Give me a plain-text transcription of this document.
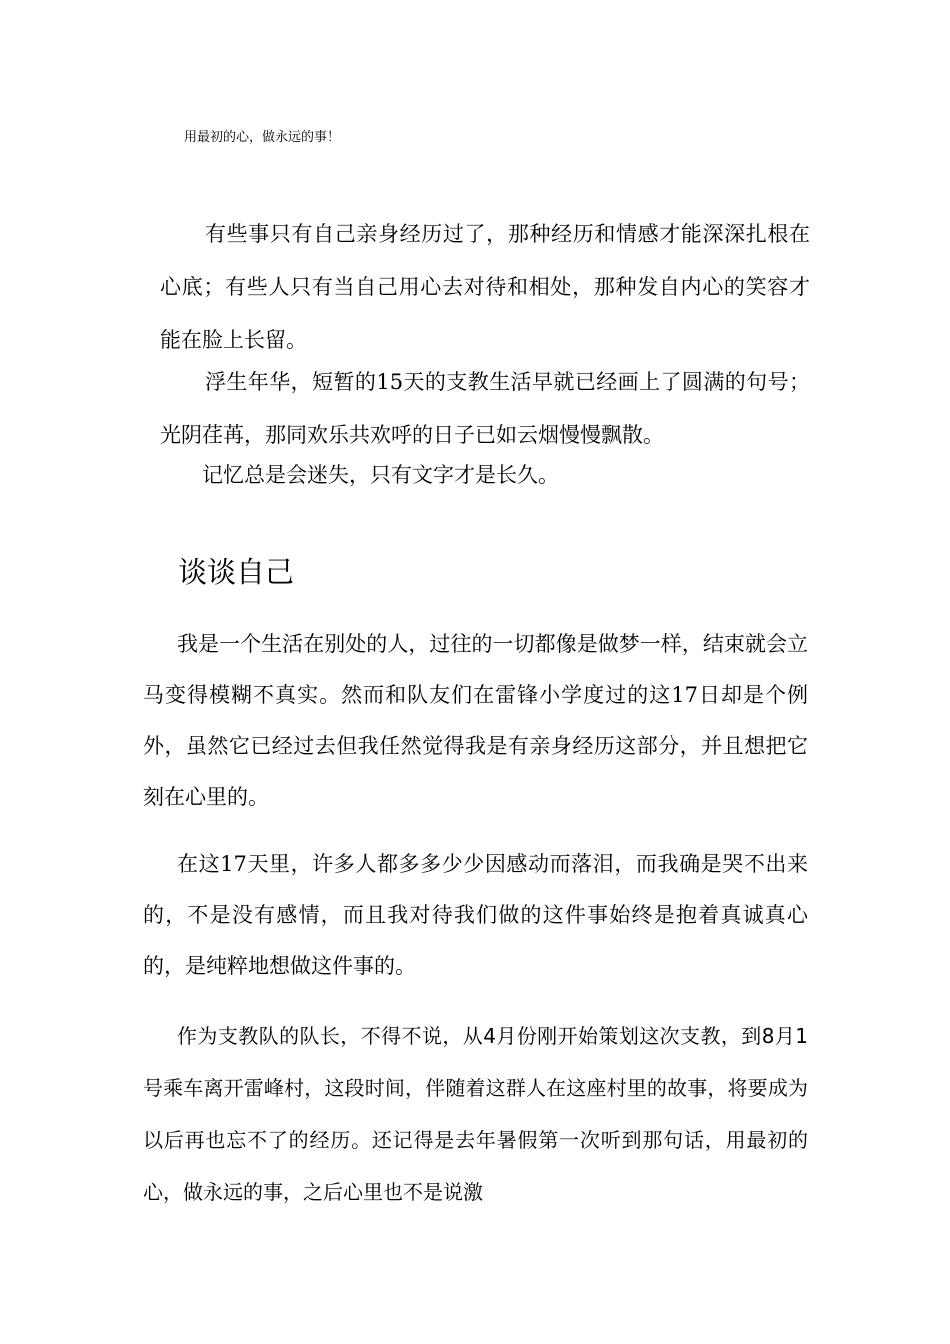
用最初的心，做永远的事！

有些事只有自己亲身经历过了，那种经历和情感才能深深扎根在心底；有些人只有当自己用心去对待和相处，那种发自内心的笑容才能在脸上长留。

浮生年华，短暂的15天的支教生活早就已经画上了圆满的句号；光阴荏苒，那同欢乐共欢呼的日子已如云烟慢慢飘散。

记忆总是会迷失，只有文字才是长久。

谈谈自己

我是一个生活在别处的人，过往的一切都像是做梦一样，结束就会立马变得模糊不真实。然而和队友们在雷锋小学度过的这17日却是个例外，虽然它已经过去但我任然觉得我是有亲身经历这部分，并且想把它刻在心里的。

在这17天里，许多人都多多少少因感动而落泪，而我确是哭不出来的，不是没有感情，而且我对待我们做的这件事始终是抱着真诚真心的，是纯粹地想做这件事的。

作为支教队的队长，不得不说，从4月份刚开始策划这次支教，到8月1号乘车离开雷峰村，这段时间，伴随着这群人在这座村里的故事，将要成为以后再也忘不了的经历。还记得是去年暑假第一次听到那句话，用最初的心，做永远的事，之后心里也不是说激
